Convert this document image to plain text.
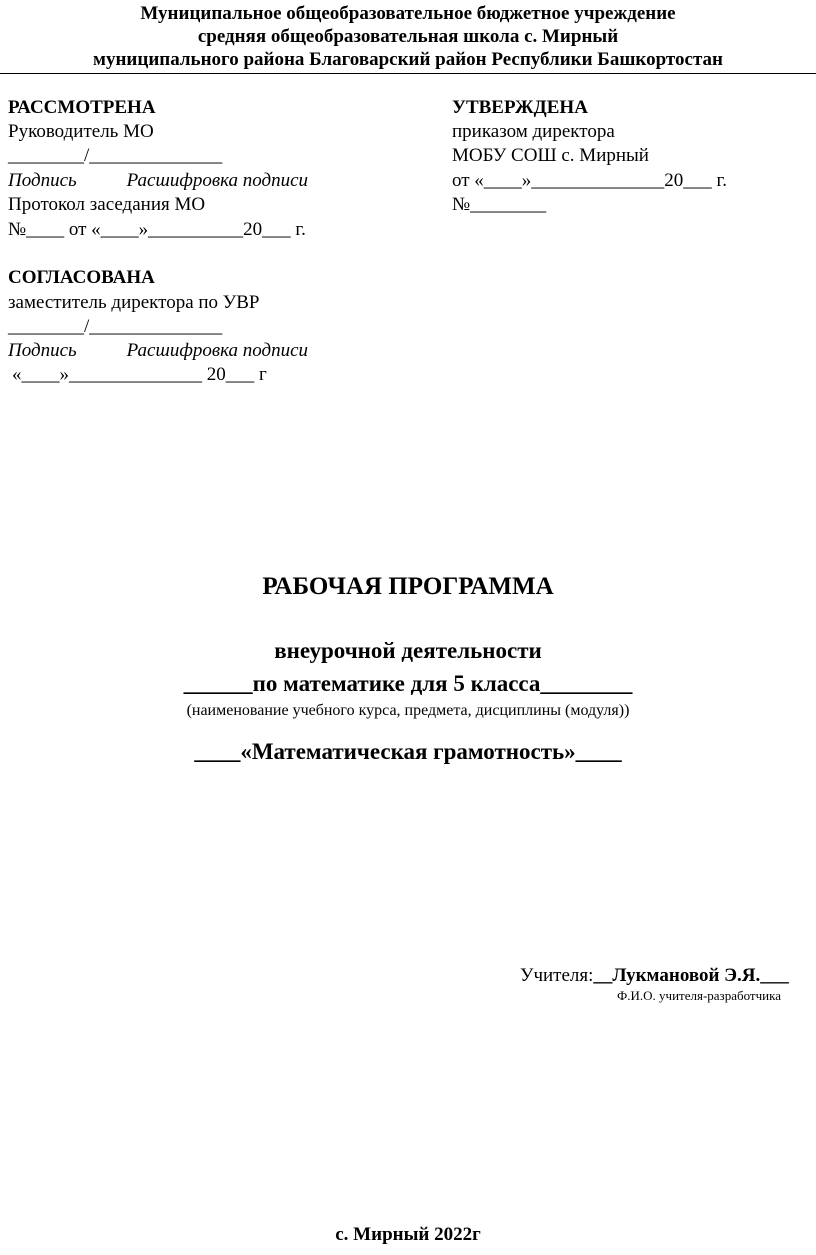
Муниципальное общеобразовательное бюджетное учреждение
средняя общеобразовательная школа с. Мирный
муниципального района Благоварский район Республики Башкортостан
РАССМОТРЕНА
Руководитель МО
________/______________
Подпись	Расшифровка подписи
Протокол заседания МО
№____ от «____»__________20___ г.
УТВЕРЖДЕНА
приказом директора
МОБУ СОШ с. Мирный
от «____»______________20___ г.
№________
СОГЛАСОВАНА
заместитель директора по УВР
________/______________
Подпись	Расшифровка подписи
«____»______________ 20___ г
РАБОЧАЯ ПРОГРАММА
внеурочной деятельности
______по математике для 5 класса________
(наименование учебного курса, предмета, дисциплины (модуля))
____«Математическая грамотность»____
Учителя:__Лукмановой Э.Я.___
Ф.И.О. учителя-разработчика
с. Мирный 2022г
